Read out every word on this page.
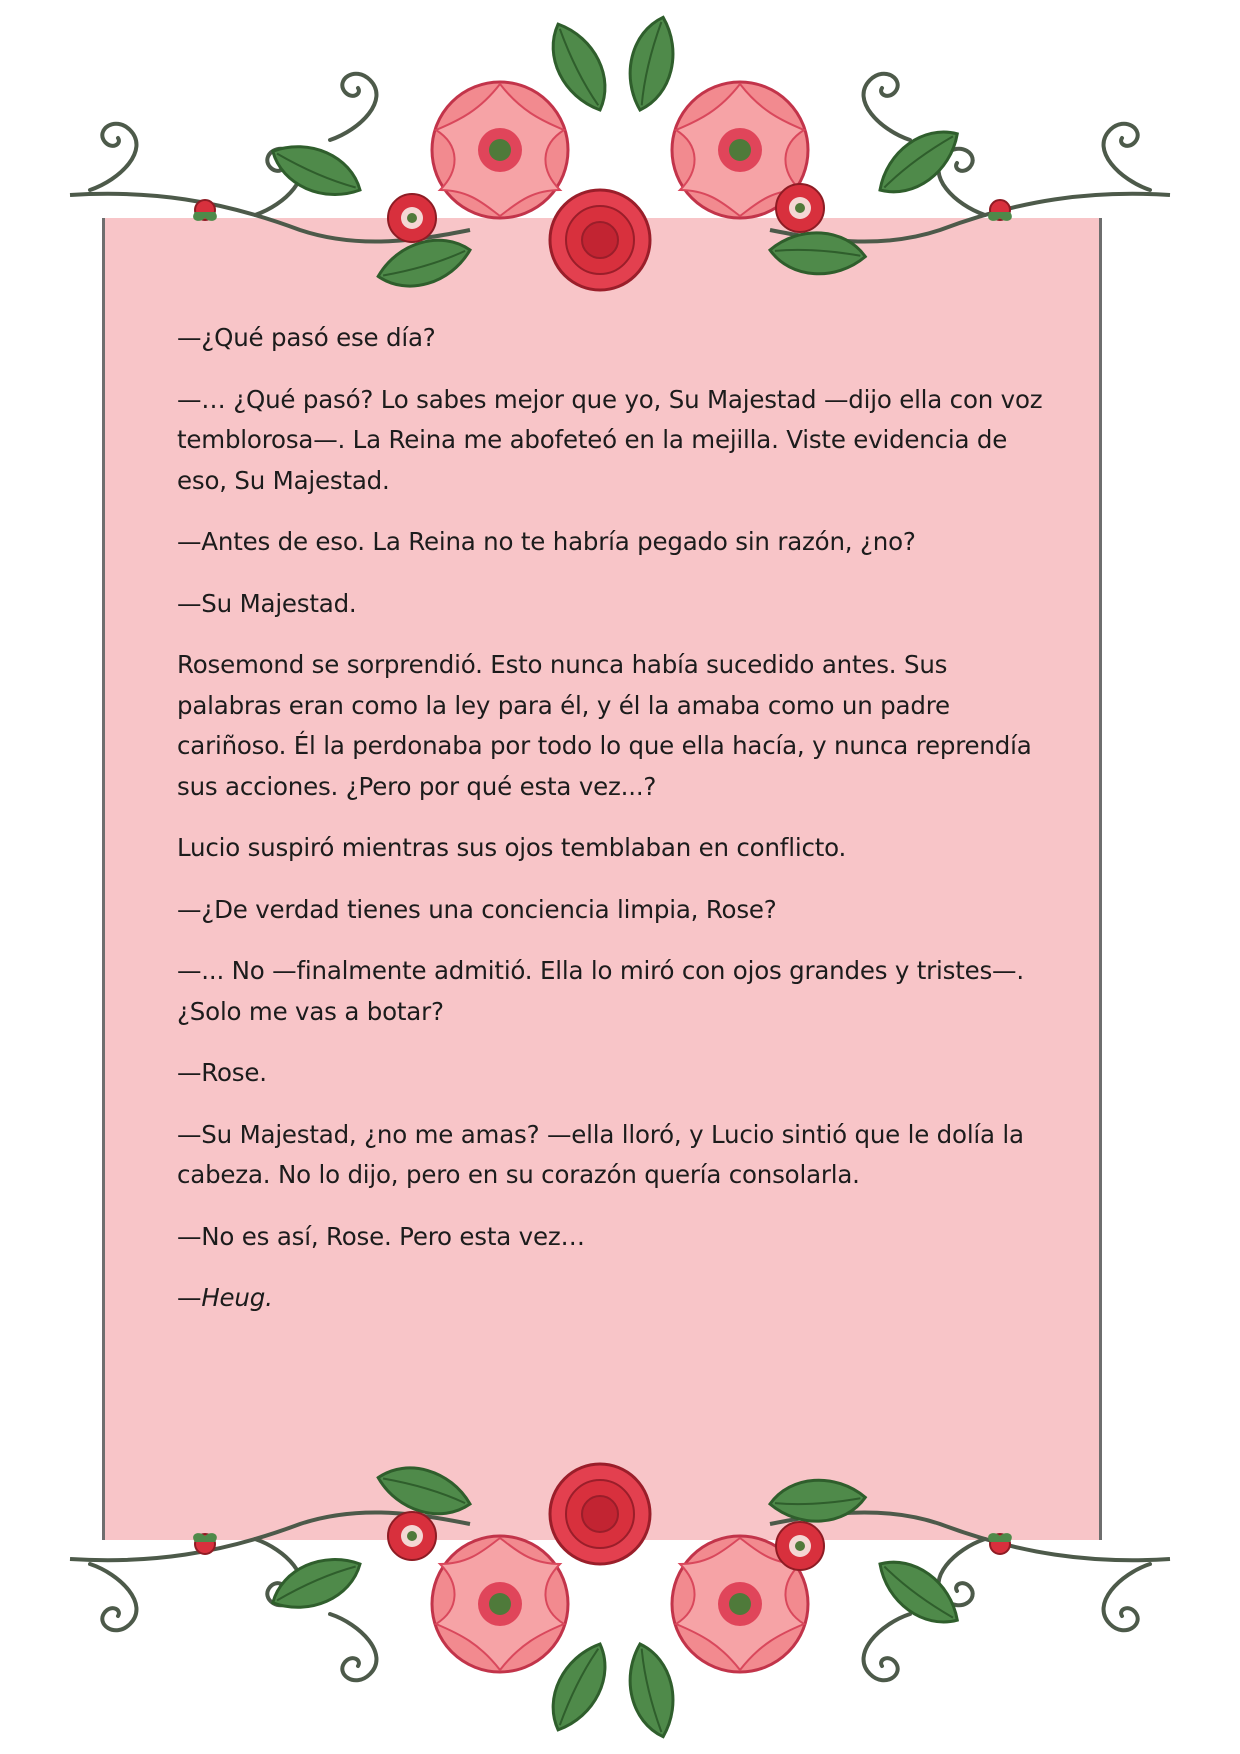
—¿Qué pasó ese día?

—… ¿Qué pasó? Lo sabes mejor que yo, Su Majestad —dijo ella con voz temblorosa—. La Reina me abofeteó en la mejilla. Viste evidencia de eso, Su Majestad.

—Antes de eso. La Reina no te habría pegado sin razón, ¿no?

—Su Majestad.

Rosemond se sorprendió. Esto nunca había sucedido antes. Sus palabras eran como la ley para él, y él la amaba como un padre cariñoso. Él la perdonaba por todo lo que ella hacía, y nunca reprendía sus acciones. ¿Pero por qué esta vez...?

Lucio suspiró mientras sus ojos temblaban en conflicto.

—¿De verdad tienes una conciencia limpia, Rose?

—... No —finalmente admitió. Ella lo miró con ojos grandes y tristes—. ¿Solo me vas a botar?

—Rose.

—Su Majestad, ¿no me amas? —ella lloró, y Lucio sintió que le dolía la cabeza. No lo dijo, pero en su corazón quería consolarla.

—No es así, Rose. Pero esta vez…

—Heug.
